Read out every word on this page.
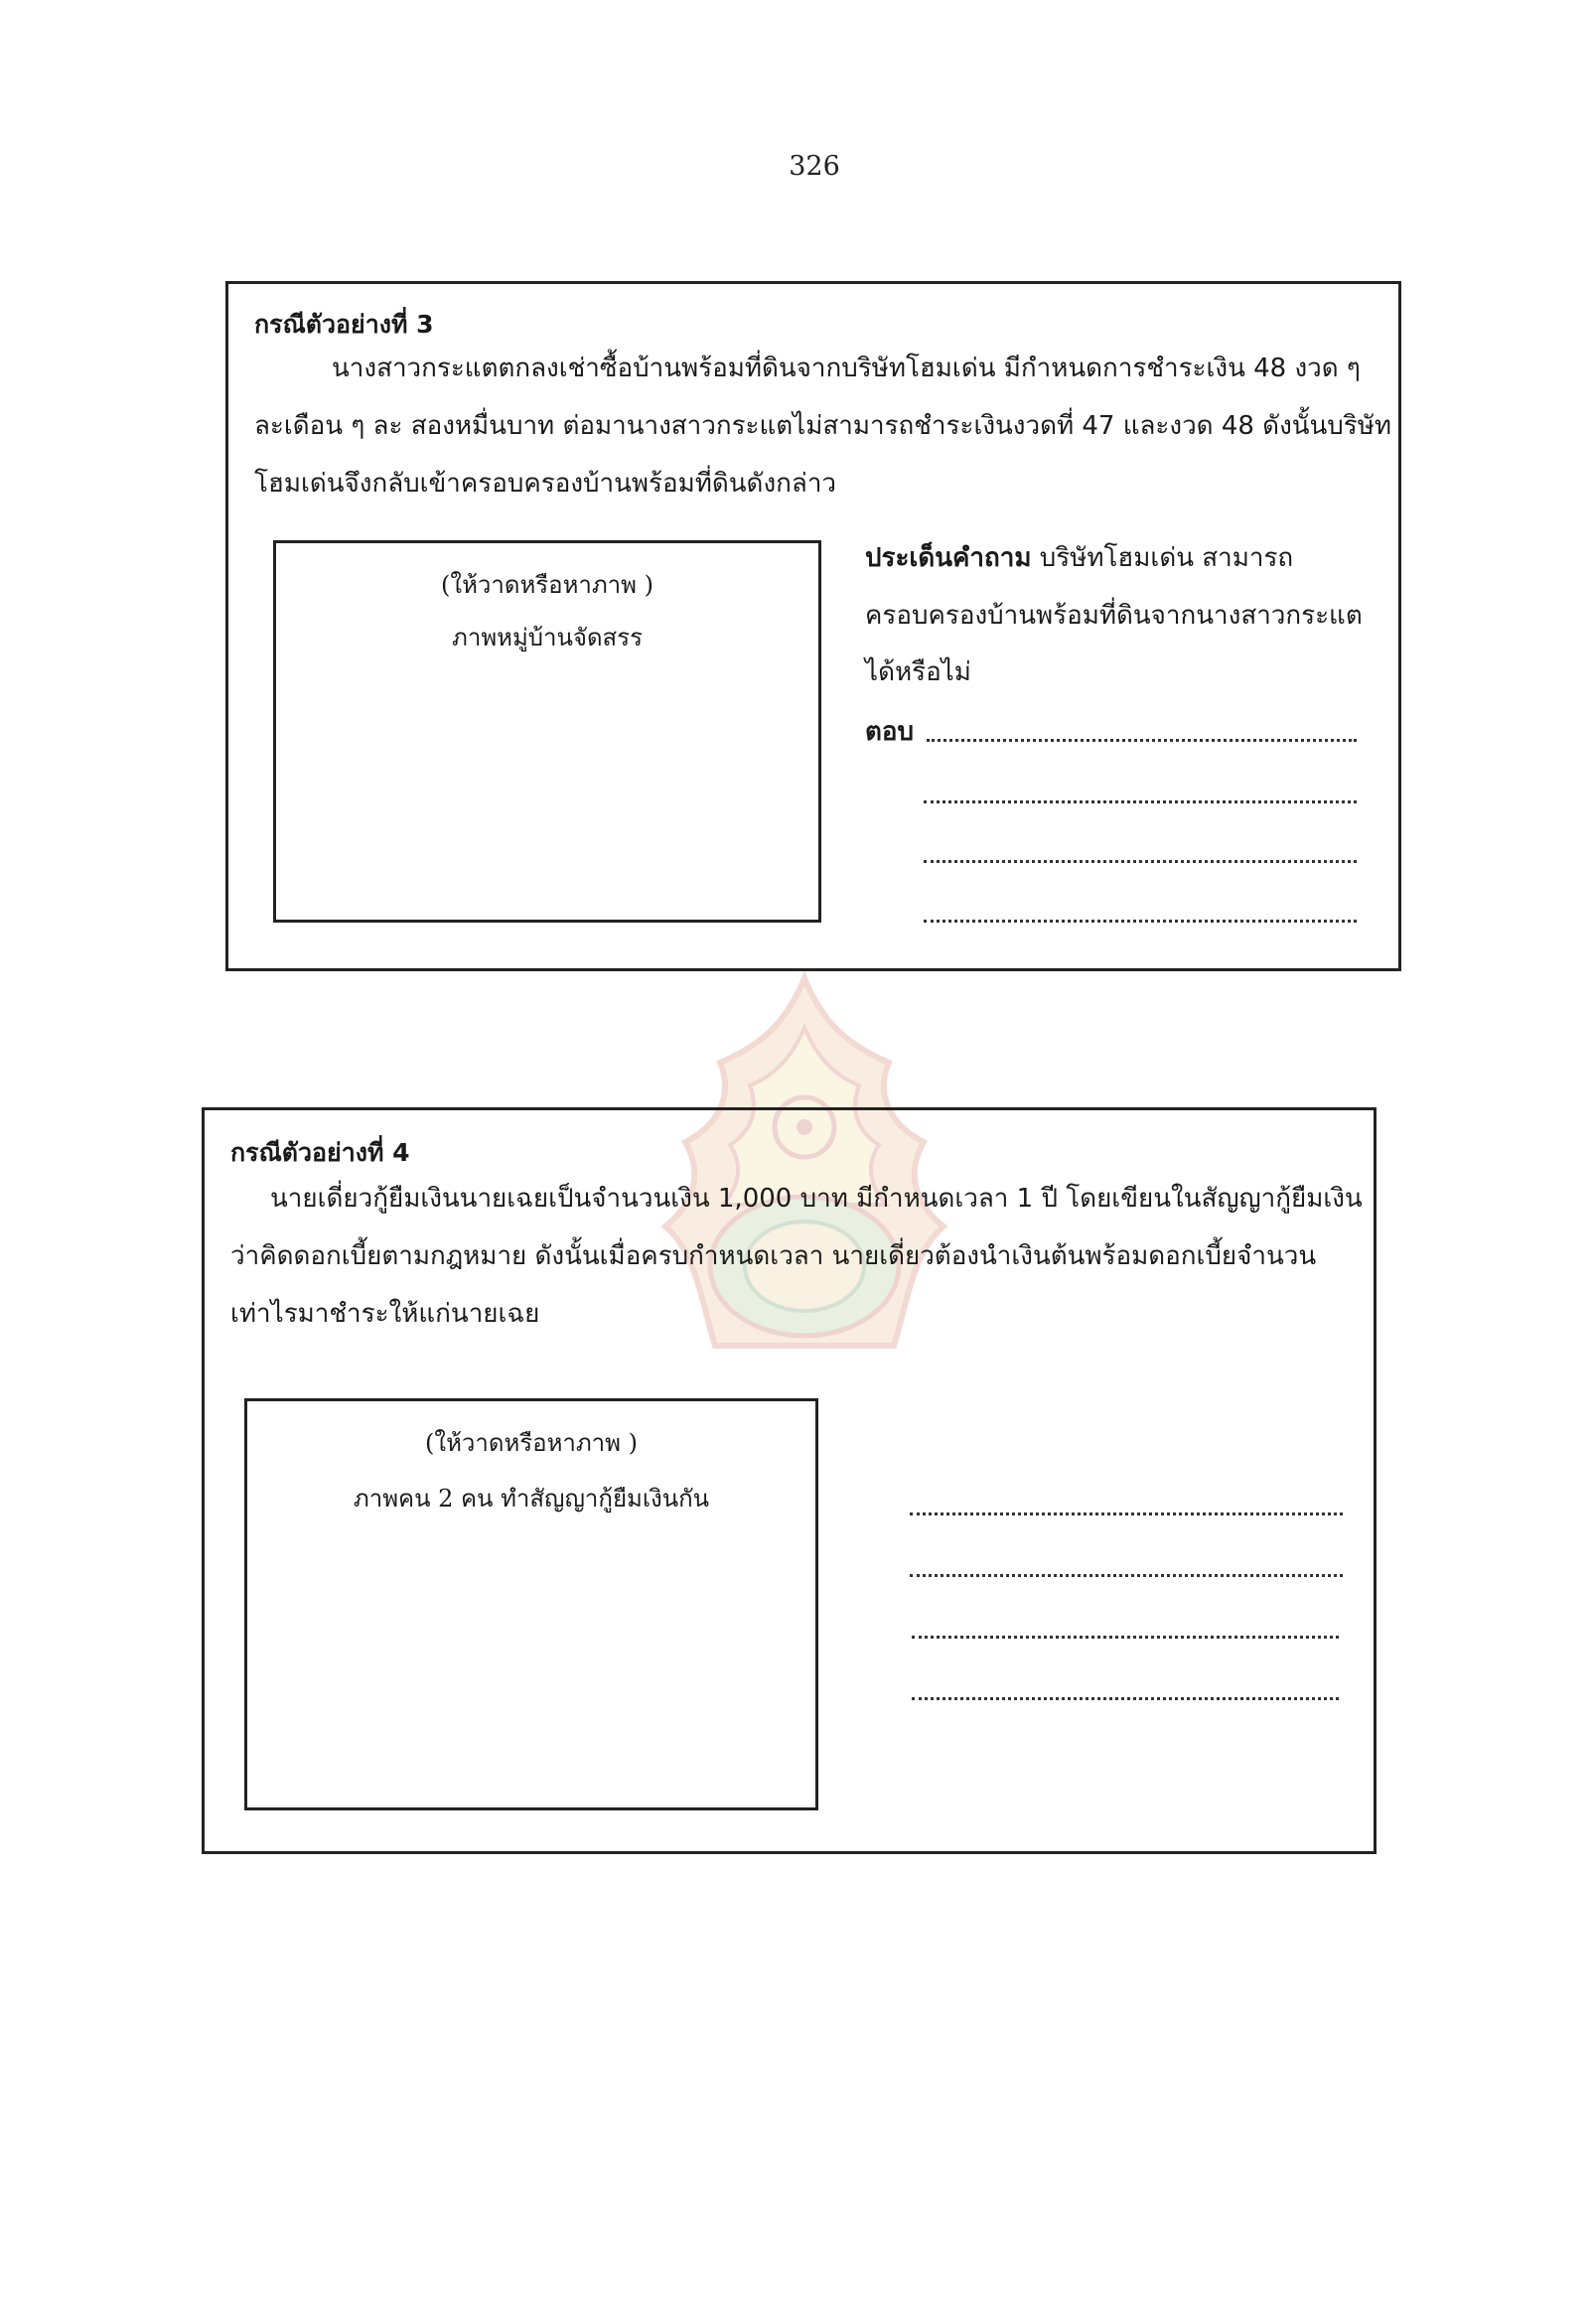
326
กรณีตัวอย่างที่ 3
นางสาวกระแตตกลงเช่าซื้อบ้านพร้อมที่ดินจากบริษัทโฮมเด่น มีกำหนดการชำระเงิน 48 งวด ๆ
ละเดือน ๆ ละ สองหมื่นบาท ต่อมานางสาวกระแตไม่สามารถชำระเงินงวดที่ 47 และงวด 48 ดังนั้นบริษัท
โฮมเด่นจึงกลับเข้าครอบครองบ้านพร้อมที่ดินดังกล่าว
(ให้วาดหรือหาภาพ )
ภาพหมู่บ้านจัดสรร
ประเด็นคำถาม บริษัทโฮมเด่น สามารถ
ครอบครองบ้านพร้อมที่ดินจากนางสาวกระแต
ได้หรือไม่
ตอบ
กรณีตัวอย่างที่ 4
นายเดี่ยวกู้ยืมเงินนายเฉยเป็นจำนวนเงิน 1,000 บาท มีกำหนดเวลา 1 ปี โดยเขียนในสัญญากู้ยืมเงิน
ว่าคิดดอกเบี้ยตามกฎหมาย ดังนั้นเมื่อครบกำหนดเวลา นายเดี่ยวต้องนำเงินต้นพร้อมดอกเบี้ยจำนวน
เท่าไรมาชำระให้แก่นายเฉย
(ให้วาดหรือหาภาพ )
ภาพคน 2 คน ทำสัญญากู้ยืมเงินกัน
